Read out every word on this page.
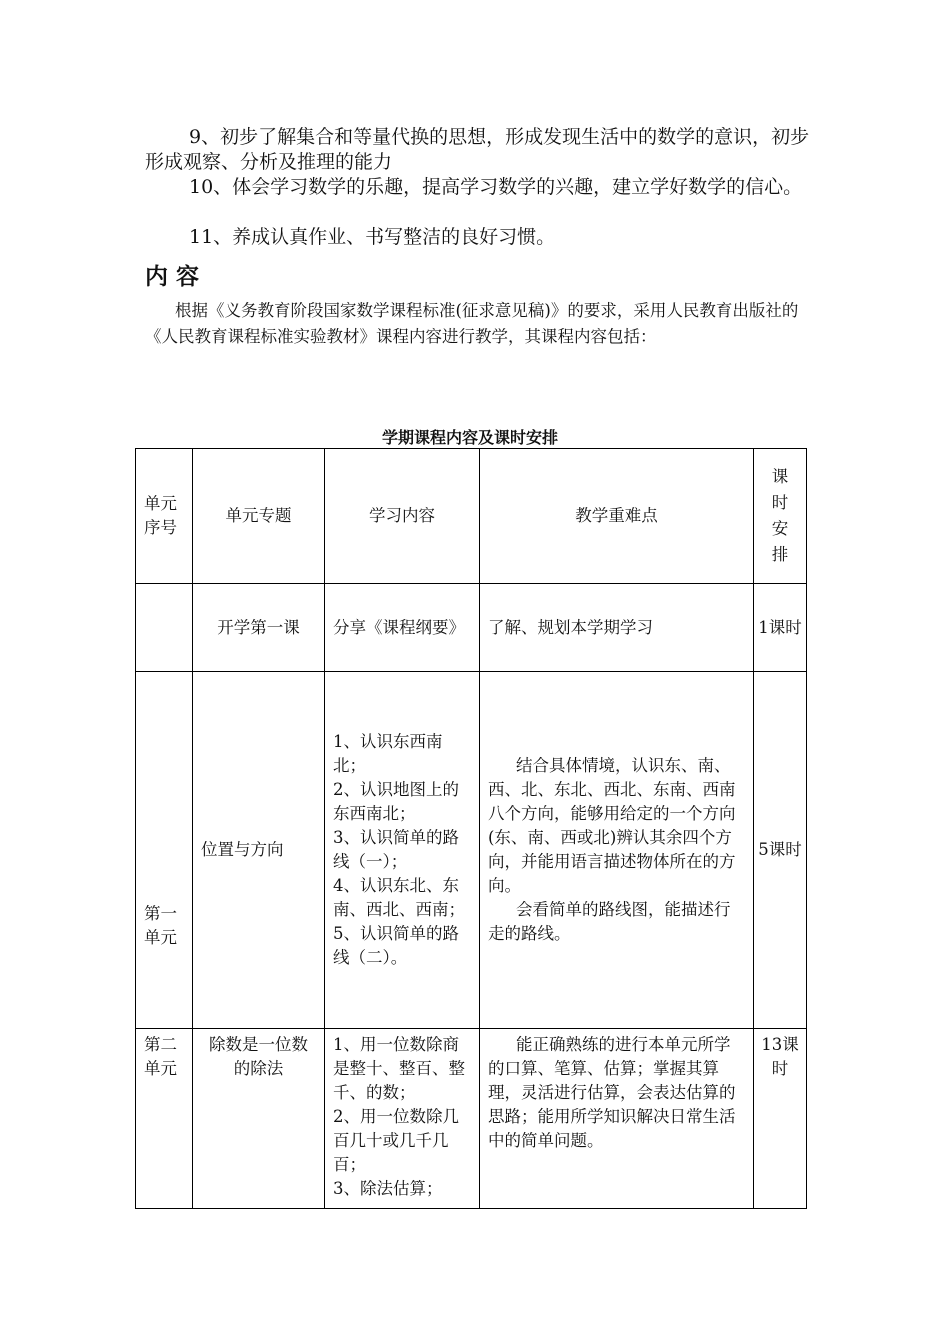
9、初步了解集合和等量代换的思想，形成发现生活中的数学的意识，初步形成观察、分析及推理的能力

10、体会学习数学的乐趣，提高学习数学的兴趣，建立学好数学的信心。

11、养成认真作业、书写整洁的良好习惯。

内容

根据《义务教育阶段国家数学课程标准(征求意见稿)》的要求，采用人民教育出版社的《人民教育课程标准实验教材》课程内容进行教学，其课程内容包括：

学期课程内容及课时安排

单元序号	单元专题	学习内容	教学重难点	课时安排

	开学第一课	分享《课程纲要》	了解、规划本学期学习	1课时
第一单元	位置与方向	1、认识东西南北；
2、认识地图上的东西南北；
3、认识简单的路线（一）；
4、认识东北、东南、西北、西南；
5、认识简单的路线（二）。	结合具体情境，认识东、南、西、北、东北、西北、东南、西南八个方向，能够用给定的一个方向(东、南、西或北)辨认其余四个方向，并能用语言描述物体所在的方向。
会看简单的路线图，能描述行走的路线。	5课时
第二单元	除数是一位数的除法	1、用一位数除商是整十、整百、整千、的数；
2、用一位数除几百几十或几千几百；
3、除法估算；	能正确熟练的进行本单元所学的口算、笔算、估算；掌握其算理，灵活进行估算，会表达估算的思路；能用所学知识解决日常生活中的简单问题。	13课时
